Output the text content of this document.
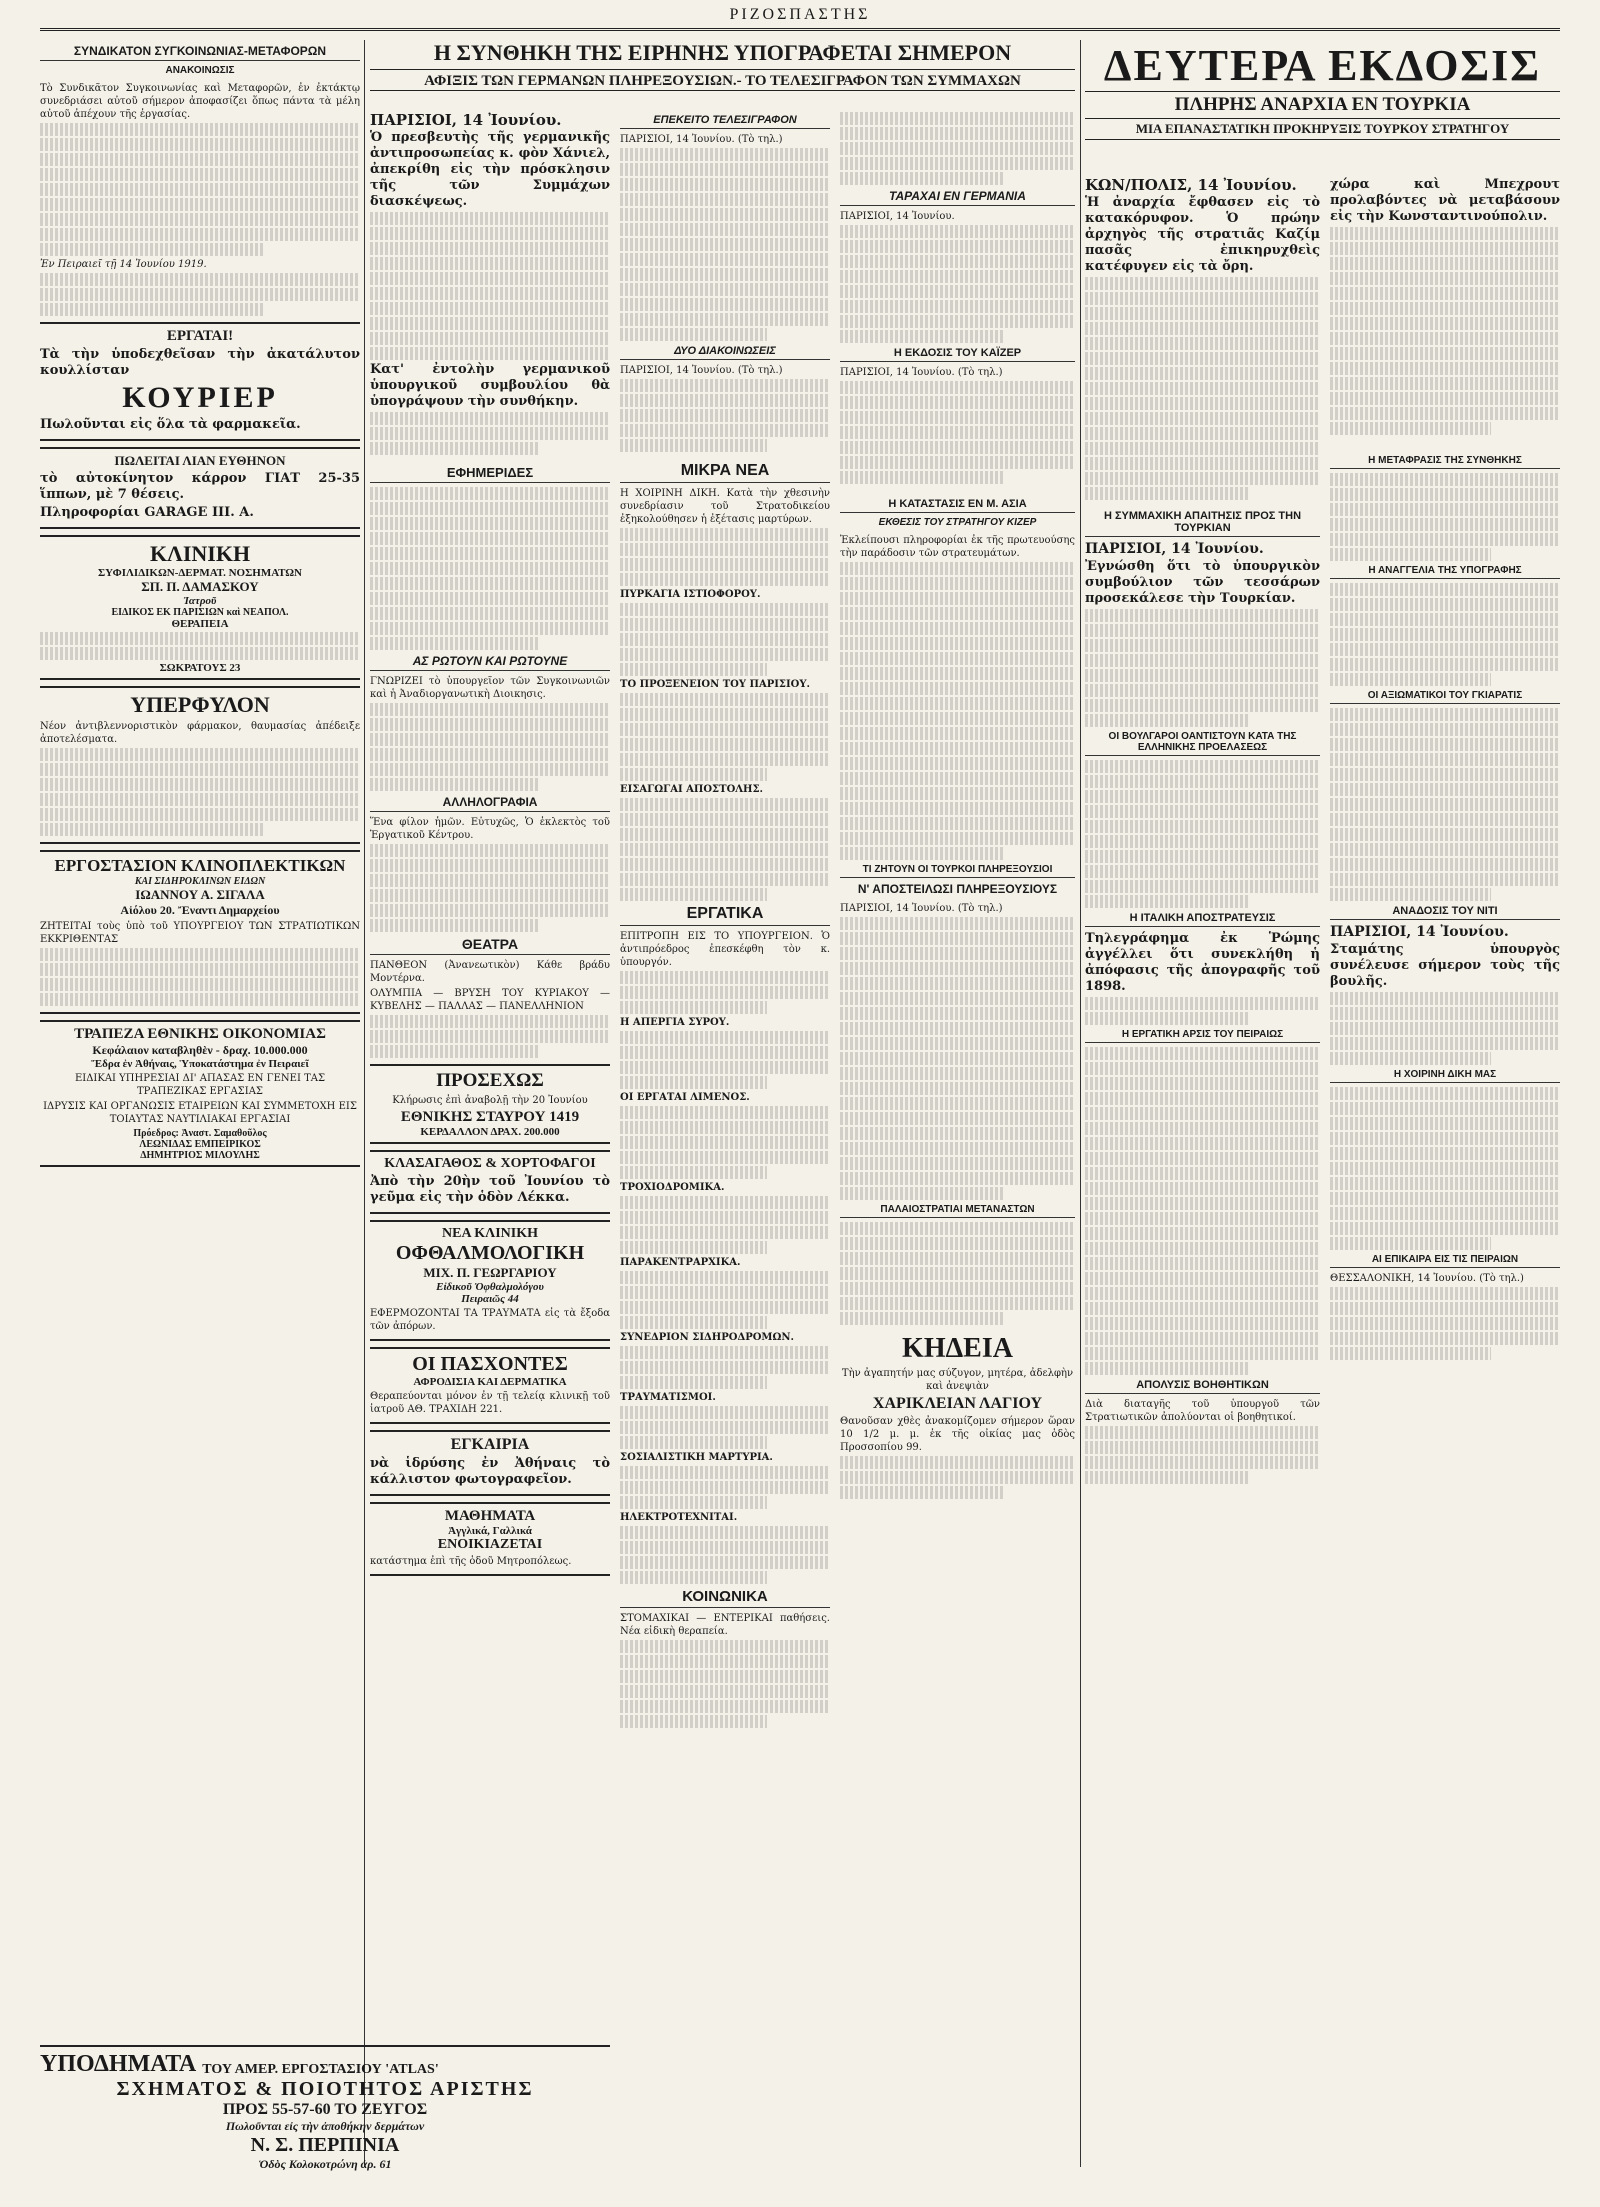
ΡΙΖΟΣΠΑΣΤΗΣ
ΣΥΝΔΙΚΑΤΟΝ ΣΥΓΚΟΙΝΩΝΙΑΣ-ΜΕΤΑΦΟΡΩΝ
ΑΝΑΚΟΙΝΩΣΙΣ

Τὸ Συνδικᾶτον Συγκοινωνίας καὶ Μεταφορῶν, ἐν ἐκτάκτῳ συνεδριάσει αὐτοῦ σήμερον ἀποφασίζει ὅπως πάντα τὰ μέλη αὐτοῦ ἀπέχουν τῆς ἐργασίας.

Ἐν Πειραιεῖ τῇ 14 Ἰουνίου 1919.

ΕΡΓΑΤΑΙ!

Τὰ τὴν ὑποδεχθεῖσαν τὴν ἀκατάλυτον κουλλίσταν

ΚΟΥΡΙΕΡ

Πωλοῦνται εἰς ὅλα τὰ φαρμακεῖα.

ΠΩΛΕΙΤΑΙ ΛΙΑΝ ΕΥΘΗΝΟΝ

τὸ αὐτοκίνητον κάρρον ΓΙΑΤ 25-35 ἵππων, μὲ 7 θέσεις.

Πληροφορίαι GARAGE ΙΙΙ. Α.

ΚΛΙΝΙΚΗ
ΣΥΦΙΛΙΔΙΚΩΝ-ΔΕΡΜΑΤ. ΝΟΣΗΜΑΤΩΝ
ΣΠ. Π. ΔΑΜΑΣΚΟΥ
Ἰατροῦ
ΕΙΔΙΚΟΣ ΕΚ ΠΑΡΙΣΙΩΝ καὶ ΝΕΑΠΟΛ.
ΘΕΡΑΠΕΙΑ
ΣΩΚΡΑΤΟΥΣ 23
ΥΠΕΡΦΥΛΟΝ

Νέον ἀντιβλεννοριστικὸν φάρμακον, θαυμασίας ἀπέδειξε ἀποτελέσματα.

ΕΡΓΟΣΤΑΣΙΟΝ ΚΛΙΝΟΠΛΕΚΤΙΚΩΝ
ΚΑΙ ΣΙΔΗΡΟΚΛΙΝΩΝ ΕΙΔΩΝ
ΙΩΑΝΝΟΥ Α. ΣΙΓΑΛΑ
Αἰόλου 20. Ἔναντι Δημαρχείου

ΖΗΤΕΙΤΑΙ τοὺς ὑπὸ τοῦ ΥΠΟΥΡΓΕΙΟΥ ΤΩΝ ΣΤΡΑΤΙΩΤΙΚΩΝ ΕΚΚΡΙΘΕΝΤΑΣ

ΤΡΑΠΕΖΑ ΕΘΝΙΚΗΣ ΟΙΚΟΝΟΜΙΑΣ
Κεφάλαιον καταβληθὲν - δραχ. 10.000.000
Ἕδρα ἐν Ἀθήναις, Ὑποκατάστημα ἐν Πειραιεῖ

ΕΙΔΙΚΑΙ ΥΠΗΡΕΣΙΑΙ ΔΙ' ΑΠΑΣΑΣ ΕΝ ΓΕΝΕΙ ΤΑΣ ΤΡΑΠΕΖΙΚΑΣ ΕΡΓΑΣΙΑΣ

ΙΔΡΥΣΙΣ ΚΑΙ ΟΡΓΑΝΩΣΙΣ ΕΤΑΙΡΕΙΩΝ ΚΑΙ ΣΥΜΜΕΤΟΧΗ ΕΙΣ ΤΟΙΑΥΤΑΣ ΝΑΥΤΙΛΙΑΚΑΙ ΕΡΓΑΣΙΑΙ

Πρόεδρος: Ἀναστ. Σαμαθοῦλος
ΛΕΩΝΙΔΑΣ ΕΜΠΕΙΡΙΚΟΣ
ΔΗΜΗΤΡΙΟΣ ΜΙΛΟΥΛΗΣ
ΥΠΟΔΗΜΑΤΑ ΤΟΥ ΑΜΕΡ. ΕΡΓΟΣΤΑΣΙΟΥ 'ATLAS'
ΣΧΗΜΑΤΟΣ & ΠΟΙΟΤΗΤΟΣ ΑΡΙΣΤΗΣ
ΠΡΟΣ 55-57-60 ΤΟ ΖΕΥΓΟΣ
Πωλοῦνται εἰς τὴν ἀποθήκην δερμάτων
Ν. Σ. ΠΕΡΠΙΝΙΑ
Ὁδὸς Κολοκοτρώνη ἀρ. 61
Η ΣΥΝΘΗΚΗ ΤΗΣ ΕΙΡΗΝΗΣ ΥΠΟΓΡΑΦΕΤΑΙ ΣΗΜΕΡΟΝ
ΑΦΙΞΙΣ ΤΩΝ ΓΕΡΜΑΝΩΝ ΠΛΗΡΕΞΟΥΣΙΩΝ.- ΤΟ ΤΕΛΕΣΙΓΡΑΦΟΝ ΤΩΝ ΣΥΜΜΑΧΩΝ
ΠΑΡΙΣΙΟΙ, 14 Ἰουνίου.

Ὁ πρεσβευτὴς τῆς γερμανικῆς ἀντιπροσωπείας κ. φὸν Χάνιελ, ἀπεκρίθη εἰς τὴν πρόσκλησιν τῆς τῶν Συμμάχων διασκέψεως.

Κατ' ἐντολὴν γερμανικοῦ ὑπουργικοῦ συμβουλίου θὰ ὑπογράψουν τὴν συνθήκην.

ΕΦΗΜΕΡΙΔΕΣ
ΑΣ ΡΩΤΟΥΝ ΚΑΙ ΡΩΤΟΥΝΕ

ΓΝΩΡΙΖΕΙ τὸ ὑπουργεῖον τῶν Συγκοινωνιῶν καὶ ἡ Ἀναδιοργανωτικὴ Διοικησις.

ΑΛΛΗΛΟΓΡΑΦΙΑ

Ἕνα φίλον ἡμῶν. Εὐτυχῶς, Ὁ ἐκλεκτὸς τοῦ Ἑργατικοῦ Κέντρου.

ΘΕΑΤΡΑ

ΠΑΝΘΕΟΝ (Ἀνανεωτικὸν) Κάθε βράδυ Μοντέρνα.

ΟΛΥΜΠΙΑ — ΒΡΥΣΗ ΤΟΥ ΚΥΡΙΑΚΟΥ — ΚΥΒΕΛΗΣ — ΠΑΛΛΑΣ — ΠΑΝΕΛΛΗΝΙΟΝ

ΠΡΟΣΕΧΩΣ

Κλήρωσις ἐπὶ ἀναβολῇ τὴν 20 Ἰουνίου

ΕΘΝΙΚΗΣ ΣΤΑΥΡΟΥ 1419
ΚΕΡΔΑΛΛΟΝ ΔΡΑΧ. 200.000
ΚΛΑΣΑΓΑΘΟΣ & ΧΟΡΤΟΦΑΓΟΙ

Ἀπὸ τὴν 20ὴν τοῦ Ἰουνίου τὸ γεῦμα εἰς τὴν ὁδὸν Λέκκα.

ΝΕΑ ΚΛΙΝΙΚΗ
ΟΦΘΑΛΜΟΛΟΓΙΚΗ
ΜΙΧ. Π. ΓΕΩΡΓΑΡΙΟΥ
Εἰδικοῦ Ὀφθαλμολόγου
Πειραιῶς 44

ΕΦΕΡΜΟΖΟΝΤΑΙ ΤΑ ΤΡΑΥΜΑΤΑ εἰς τὰ ἔξοδα τῶν ἀπόρων.

ΟΙ ΠΑΣΧΟΝΤΕΣ
ΑΦΡΟΔΙΣΙΑ ΚΑΙ ΔΕΡΜΑΤΙΚΑ

Θεραπεύονται μόνον ἐν τῇ τελείᾳ κλινικῇ τοῦ ἰατροῦ ΑΘ. ΤΡΑΧΙΔΗ 221.

ΕΓΚΑΙΡΙΑ

νὰ ἱδρύσης ἐν Ἀθήναις τὸ κάλλιστον φωτογραφεῖον.

ΜΑΘΗΜΑΤΑ
Ἀγγλικά, Γαλλικά
ΕΝΟΙΚΙΑΖΕΤΑΙ

κατάστημα ἐπὶ τῆς ὁδοῦ Μητροπόλεως.

ΕΠΕΚΕΙΤΟ ΤΕΛΕΣΙΓΡΑΦΟΝ

ΠΑΡΙΣΙΟΙ, 14 Ἰουνίου. (Τὸ τηλ.)

ΔΥΟ ΔΙΑΚΟΙΝΩΣΕΙΣ

ΠΑΡΙΣΙΟΙ, 14 Ἰουνίου. (Τὸ τηλ.)

ΜΙΚΡΑ ΝΕΑ

Η ΧΟΙΡΙΝΗ ΔΙΚΗ. Κατὰ τὴν χθεσινὴν συνεδρίασιν τοῦ Στρατοδικείου ἐξηκολούθησεν ἡ ἐξέτασις μαρτύρων.

ΠΥΡΚΑΓΙΑ ΙΣΤΙΟΦΟΡΟΥ.

ΤΟ ΠΡΟΞΕΝΕΙΟΝ ΤΟΥ ΠΑΡΙΣΙΟΥ.

ΕΙΣΑΓΩΓΑΙ ΑΠΟΣΤΟΛΗΣ.

ΕΡΓΑΤΙΚΑ

ΕΠΙΤΡΟΠΗ ΕΙΣ ΤΟ ΥΠΟΥΡΓΕΙΟΝ. Ὁ ἀντιπρόεδρος ἐπεσκέφθη τὸν κ. ὑπουργόν.

Η ΑΠΕΡΓΙΑ ΣΥΡΟΥ.

ΟΙ ΕΡΓΑΤΑΙ ΛΙΜΕΝΟΣ.

ΤΡΟΧΙΟΔΡΟΜΙΚΑ.

ΠΑΡΑΚΕΝΤΡΑΡΧΙΚΑ.

ΣΥΝΕΔΡΙΟΝ ΣΙΔΗΡΟΔΡΟΜΩΝ.

ΤΡΑΥΜΑΤΙΣΜΟΙ.

ΣΟΣΙΑΛΙΣΤΙΚΗ ΜΑΡΤΥΡΙΑ.

ΗΛΕΚΤΡΟΤΕΧΝΙΤΑΙ.

ΚΟΙΝΩΝΙΚΑ

ΣΤΟΜΑΧΙΚΑΙ — ΕΝΤΕΡΙΚΑΙ παθήσεις. Νέα εἰδικὴ θεραπεία.

ΤΑΡΑΧΑΙ ΕΝ ΓΕΡΜΑΝΙΑ

ΠΑΡΙΣΙΟΙ, 14 Ἰουνίου.

Η ΕΚΔΟΣΙΣ ΤΟΥ ΚΑΪΖΕΡ

ΠΑΡΙΣΙΟΙ, 14 Ἰουνίου. (Τὸ τηλ.)

Η ΚΑΤΑΣΤΑΣΙΣ ΕΝ Μ. ΑΣΙΑ
ΕΚΘΕΣΙΣ ΤΟΥ ΣΤΡΑΤΗΓΟΥ ΚΙΖΕΡ

Ἐκλείπουσι πληροφορίαι ἐκ τῆς πρωτευούσης τὴν παράδοσιν τῶν στρατευμάτων.

ΤΙ ΖΗΤΟΥΝ ΟΙ ΤΟΥΡΚΟΙ ΠΛΗΡΕΞΟΥΣΙΟΙ
Ν' ΑΠΟΣΤΕΙΛΩΣΙ ΠΛΗΡΕΞΟΥΣΙΟΥΣ

ΠΑΡΙΣΙΟΙ, 14 Ἰουνίου. (Τὸ τηλ.)

ΠΑΛΑΙΟΣΤΡΑΤΙΑΙ ΜΕΤΑΝΑΣΤΩΝ
ΚΗΔΕΙΑ

Τὴν ἀγαπητήν μας σύζυγον, μητέρα, ἀδελφὴν καὶ ἀνεψιὰν

ΧΑΡΙΚΛΕΙΑΝ ΛΑΓΙΟΥ

Θανοῦσαν χθὲς ἀνακομίζομεν σήμερον ὥραν 10 1/2 μ. μ. ἐκ τῆς οἰκίας μας ὁδὸς Προσσοπίου 99.

ΔΕΥΤΕΡΑ ΕΚΔΟΣΙΣ
ΠΛΗΡΗΣ ΑΝΑΡΧΙΑ ΕΝ ΤΟΥΡΚΙΑ
ΜΙΑ ΕΠΑΝΑΣΤΑΤΙΚΗ ΠΡΟΚΗΡΥΞΙΣ ΤΟΥΡΚΟΥ ΣΤΡΑΤΗΓΟΥ
ΚΩΝ/ΠΟΛΙΣ, 14 Ἰουνίου.

Ἡ ἀναρχία ἔφθασεν εἰς τὸ κατακόρυφον. Ὁ πρώην ἀρχηγὸς τῆς στρατιᾶς Καζίμ πασᾶς ἐπικηρυχθεὶς κατέφυγεν εἰς τὰ ὄρη.

Η ΣΥΜΜΑΧΙΚΗ ΑΠΑΙΤΗΣΙΣ ΠΡΟΣ ΤΗΝ ΤΟΥΡΚΙΑΝ
ΠΑΡΙΣΙΟΙ, 14 Ἰουνίου.

Ἐγνώσθη ὅτι τὸ ὑπουργικὸν συμβούλιον τῶν τεσσάρων προσεκάλεσε τὴν Τουρκίαν.

ΟΙ ΒΟΥΛΓΑΡΟΙ ΟΑΝΤΙΣΤΟΥΝ ΚΑΤΑ ΤΗΣ ΕΛΛΗΝΙΚΗΣ ΠΡΟΕΛΑΣΕΩΣ
Η ΙΤΑΛΙΚΗ ΑΠΟΣΤΡΑΤΕΥΣΙΣ

Τηλεγράφημα ἐκ Ῥώμης ἀγγέλλει ὅτι συνεκλήθη ἡ ἀπόφασις τῆς ἀπογραφῆς τοῦ 1898.

Η ΕΡΓΑΤΙΚΗ ΑΡΣΙΣ ΤΟΥ ΠΕΙΡΑΙΩΣ
ΑΠΟΛΥΣΙΣ ΒΟΗΘΗΤΙΚΩΝ

Διὰ διαταγῆς τοῦ ὑπουργοῦ τῶν Στρατιωτικῶν ἀπολύονται οἱ βοηθητικοί.

χώρα καὶ Μπεχρουτ προλαβόντες νὰ μεταβάσουν εἰς τὴν Κωνσταντινούπολιν.

Η ΜΕΤΑΦΡΑΣΙΣ ΤΗΣ ΣΥΝΘΗΚΗΣ
Η ΑΝΑΓΓΕΛΙΑ ΤΗΣ ΥΠΟΓΡΑΦΗΣ
ΟΙ ΑΞΙΩΜΑΤΙΚΟΙ ΤΟΥ ΓΚΙΑΡΑΤΙΣ
ΑΝΑΔΟΣΙΣ ΤΟΥ ΝΙΤΙ
ΠΑΡΙΣΙΟΙ, 14 Ἰουνίου.

Σταμάτης ὑπουργὸς συνέλευσε σήμερον τοὺς τῆς βουλῆς.

Η ΧΟΙΡΙΝΗ ΔΙΚΗ ΜΑΣ
ΑΙ ΕΠΙΚΑΙΡΑ ΕΙΣ ΤΙΣ ΠΕΙΡΑΙΩΝ

ΘΕΣΣΑΛΟΝΙΚΗ, 14 Ἰουνίου. (Τὸ τηλ.)
